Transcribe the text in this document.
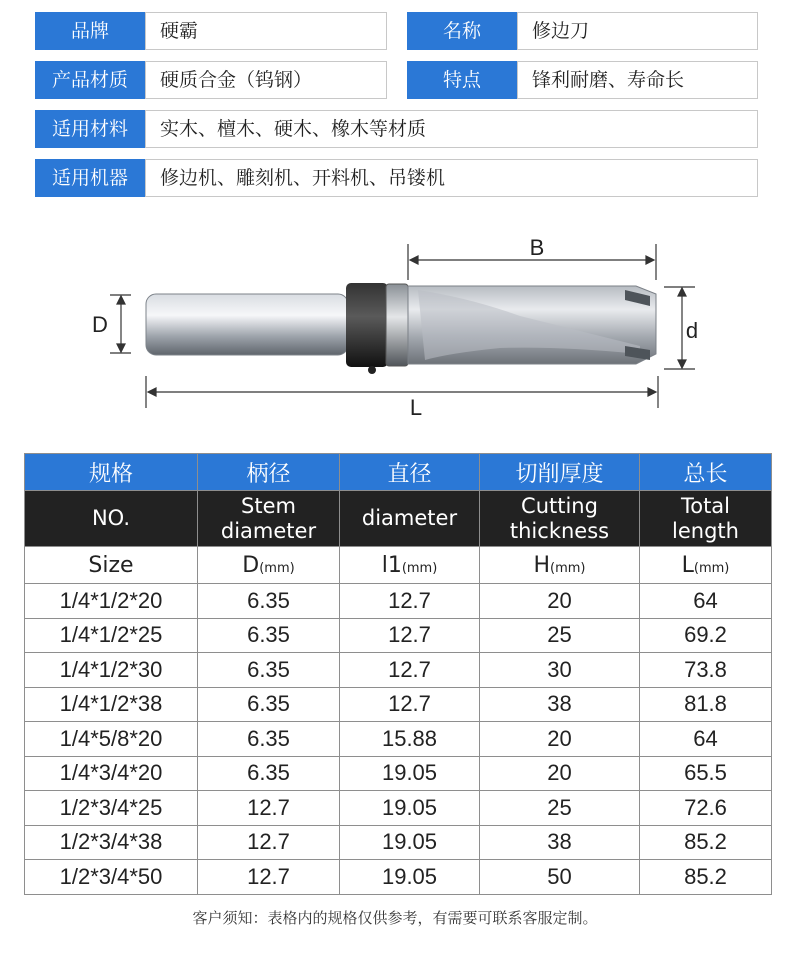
品牌	硬霸	名称	修边刀
产品材质	硬质合金（钨钢）	特点	锋利耐磨、寿命长
适用材料	实木、檀木、硬木、橡木等材质
适用机器	修边机、雕刻机、开料机、吊镂机
D	d
B
L
规格	柄径	直径	切削厚度	总长
NO.	Stem diameter	diameter	Cutting thickness	Total length
Size	D(mm)	l1(mm)	H(mm)	L(mm)
1/4*1/2*20	6.35	12.7	20	64
1/4*1/2*25	6.35	12.7	25	69.2
1/4*1/2*30	6.35	12.7	30	73.8
1/4*1/2*38	6.35	12.7	38	81.8
1/4*5/8*20	6.35	15.88	20	64
1/4*3/4*20	6.35	19.05	20	65.5
1/2*3/4*25	12.7	19.05	25	72.6
1/2*3/4*38	12.7	19.05	38	85.2
1/2*3/4*50	12.7	19.05	50	85.2
客户须知：表格内的规格仅供参考，有需要可联系客服定制。
